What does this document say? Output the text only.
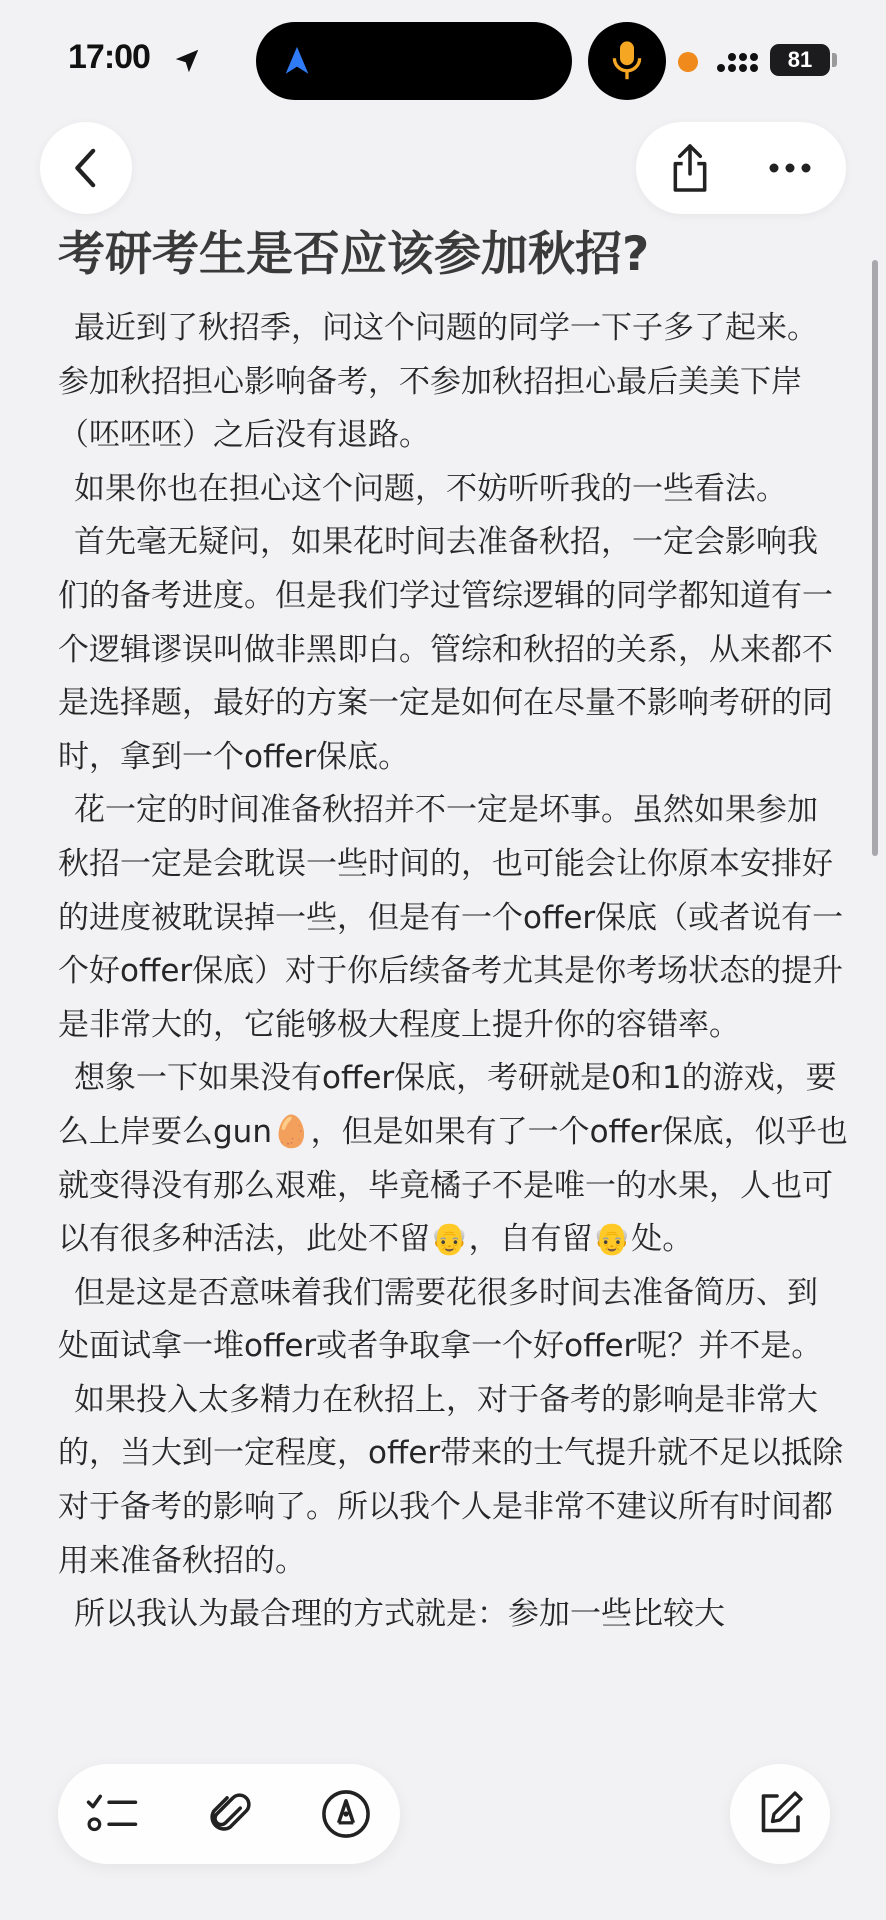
17:00	81
考研考生是否应该参加秋招?

最近到了秋招季，问这个问题的同学一下子多了起来。参加秋招担心影响备考，不参加秋招担心最后美美下岸（呸呸呸）之后没有退路。

如果你也在担心这个问题，不妨听听我的一些看法。

首先毫无疑问，如果花时间去准备秋招，一定会影响我们的备考进度。但是我们学过管综逻辑的同学都知道有一个逻辑谬误叫做非黑即白。管综和秋招的关系，从来都不是选择题，最好的方案一定是如何在尽量不影响考研的同时，拿到一个offer保底。

花一定的时间准备秋招并不一定是坏事。虽然如果参加秋招一定是会耽误一些时间的，也可能会让你原本安排好的进度被耽误掉一些，但是有一个offer保底（或者说有一个好offer保底）对于你后续备考尤其是你考场状态的提升是非常大的，它能够极大程度上提升你的容错率。

想象一下如果没有offer保底，考研就是0和1的游戏，要么上岸要么gun🥚，但是如果有了一个offer保底，似乎也就变得没有那么艰难，毕竟橘子不是唯一的水果，人也可以有很多种活法，此处不留👴，自有留👴处。

但是这是否意味着我们需要花很多时间去准备简历、到处面试拿一堆offer或者争取拿一个好offer呢？并不是。

如果投入太多精力在秋招上，对于备考的影响是非常大的，当大到一定程度，offer带来的士气提升就不足以抵除对于备考的影响了。所以我个人是非常不建议所有时间都用来准备秋招的。

所以我认为最合理的方式就是：参加一些比较大
